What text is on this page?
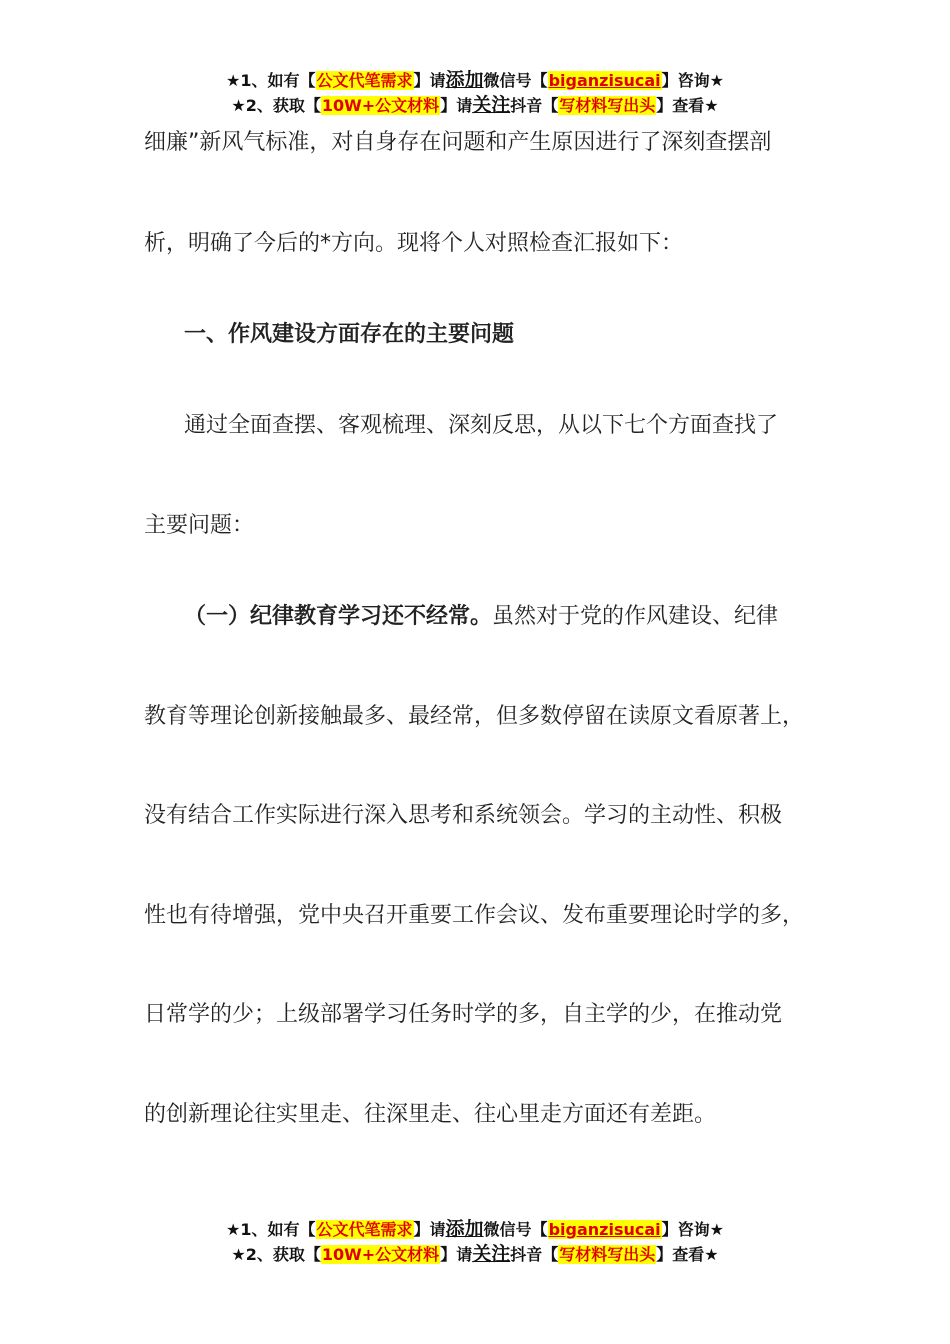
★1、如有【公文代笔需求】请添加微信号【biganzisucai】咨询★
★2、获取【10W+公文材料】请关注抖音【写材料写出头】查看★
细廉”新风气标准，对自身存在问题和产生原因进行了深刻查摆剖
析，明确了今后的*方向。现将个人对照检查汇报如下：
一、作风建设方面存在的主要问题
通过全面查摆、客观梳理、深刻反思，从以下七个方面查找了
主要问题：
（一）纪律教育学习还不经常。虽然对于党的作风建设、纪律
教育等理论创新接触最多、最经常，但多数停留在读原文看原著上，
没有结合工作实际进行深入思考和系统领会。学习的主动性、积极
性也有待增强，党中央召开重要工作会议、发布重要理论时学的多，
日常学的少；上级部署学习任务时学的多，自主学的少，在推动党
的创新理论往实里走、往深里走、往心里走方面还有差距。
★1、如有【公文代笔需求】请添加微信号【biganzisucai】咨询★
★2、获取【10W+公文材料】请关注抖音【写材料写出头】查看★
